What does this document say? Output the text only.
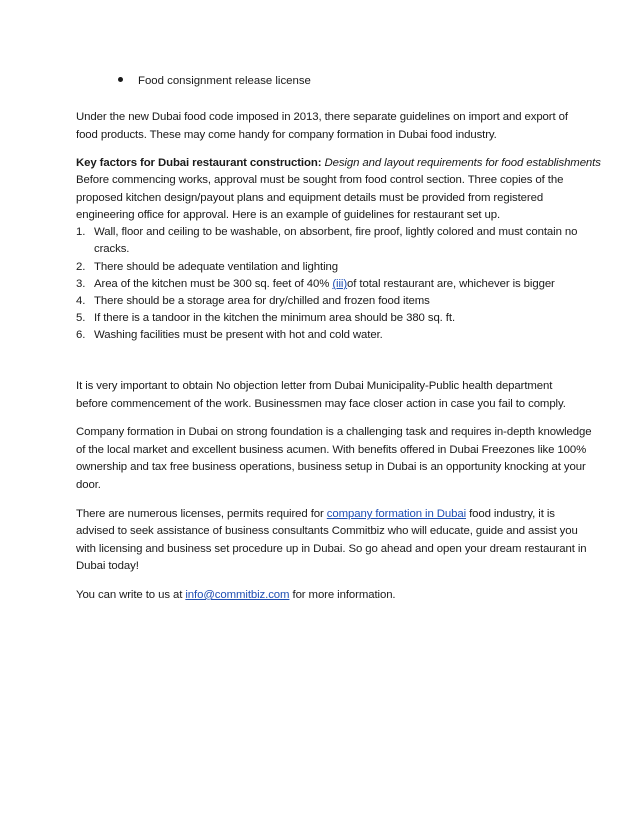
Food consignment release license
Under the new Dubai food code imposed in 2013, there separate guidelines on import and export of
food products. These may come handy for company formation in Dubai food industry.
Key factors for Dubai restaurant construction: Design and layout requirements for food establishments
Before commencing works, approval must be sought from food control section. Three copies of the
proposed kitchen design/payout plans and equipment details must be provided from registered
engineering office for approval. Here is an example of guidelines for restaurant set up.
1. Wall, floor and ceiling to be washable, on absorbent, fire proof, lightly colored and must contain no
cracks.
2. There should be adequate ventilation and lighting
3. Area of the kitchen must be 300 sq. feet of 40% (iii)of total restaurant are, whichever is bigger
4. There should be a storage area for dry/chilled and frozen food items
5. If there is a tandoor in the kitchen the minimum area should be 380 sq. ft.
6. Washing facilities must be present with hot and cold water.
It is very important to obtain No objection letter from Dubai Municipality-Public health department
before commencement of the work. Businessmen may face closer action in case you fail to comply.
Company formation in Dubai on strong foundation is a challenging task and requires in-depth knowledge
of the local market and excellent business acumen. With benefits offered in Dubai Freezones like 100%
ownership and tax free business operations, business setup in Dubai is an opportunity knocking at your
door.
There are numerous licenses, permits required for company formation in Dubai food industry, it is
advised to seek assistance of business consultants Commitbiz who will educate, guide and assist you
with licensing and business set procedure up in Dubai. So go ahead and open your dream restaurant in
Dubai today!
You can write to us at info@commitbiz.com for more information.
